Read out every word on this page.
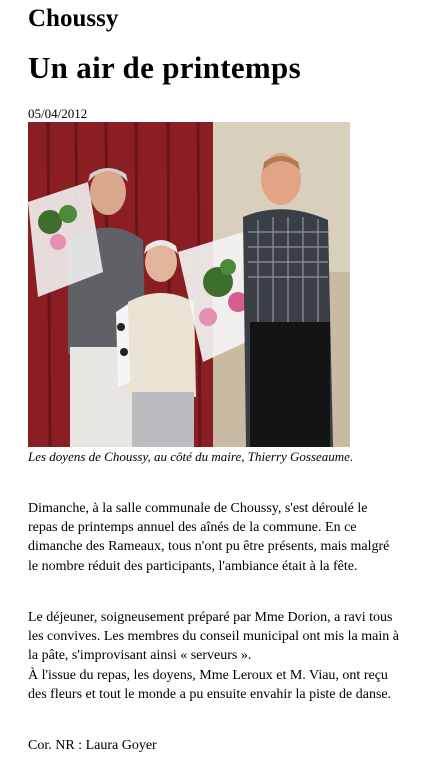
Choussy
Un air de printemps
05/04/2012
Les doyens de Choussy, au côté du maire, Thierry Gosseaume.

Dimanche, à la salle communale de Choussy, s'est déroulé le repas de printemps annuel des aînés de la commune. En ce dimanche des Rameaux, tous n'ont pu être présents, mais malgré le nombre réduit des participants, l'ambiance était à la fête.

Le déjeuner, soigneusement préparé par Mme Dorion, a ravi tous les convives. Les membres du conseil municipal ont mis la main à la pâte, s'improvisant ainsi « serveurs ».

À l'issue du repas, les doyens, Mme Leroux et M. Viau, ont reçu des fleurs et tout le monde a pu ensuite envahir la piste de danse.

Cor. NR : Laura Goyer
